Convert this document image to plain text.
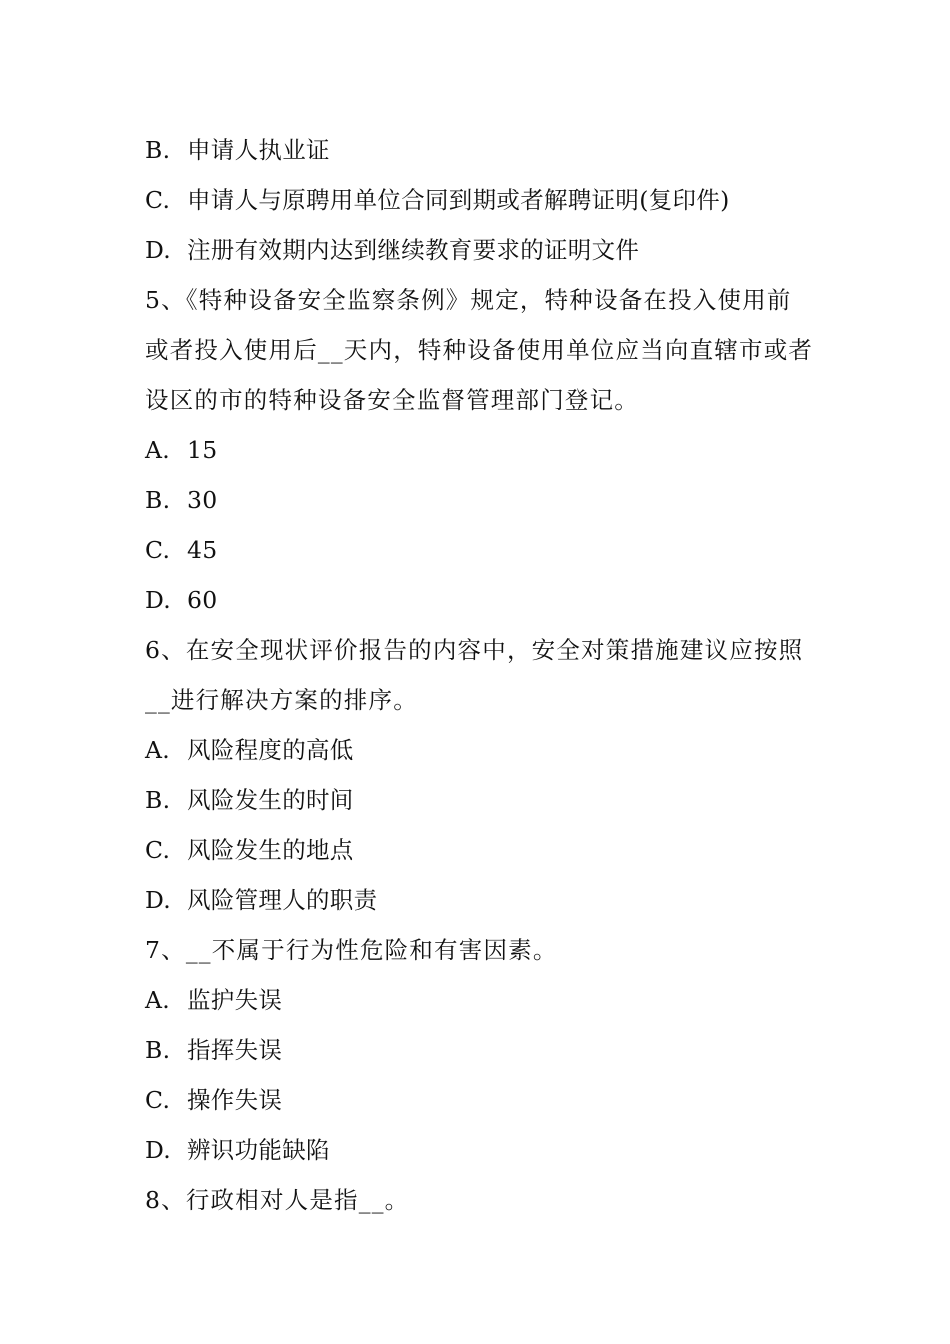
B. 申请人执业证
C. 申请人与原聘用单位合同到期或者解聘证明(复印件)
D. 注册有效期内达到继续教育要求的证明文件
5、《特种设备安全监察条例》规定，特种设备在投入使用前或者投入使用后__天内，特种设备使用单位应当向直辖市或者设区的市的特种设备安全监督管理部门登记。
A. 15
B. 30
C. 45
D. 60
6、在安全现状评价报告的内容中，安全对策措施建议应按照__进行解决方案的排序。
A. 风险程度的高低
B. 风险发生的时间
C. 风险发生的地点
D. 风险管理人的职责
7、__不属于行为性危险和有害因素。
A. 监护失误
B. 指挥失误
C. 操作失误
D. 辨识功能缺陷
8、行政相对人是指__。
